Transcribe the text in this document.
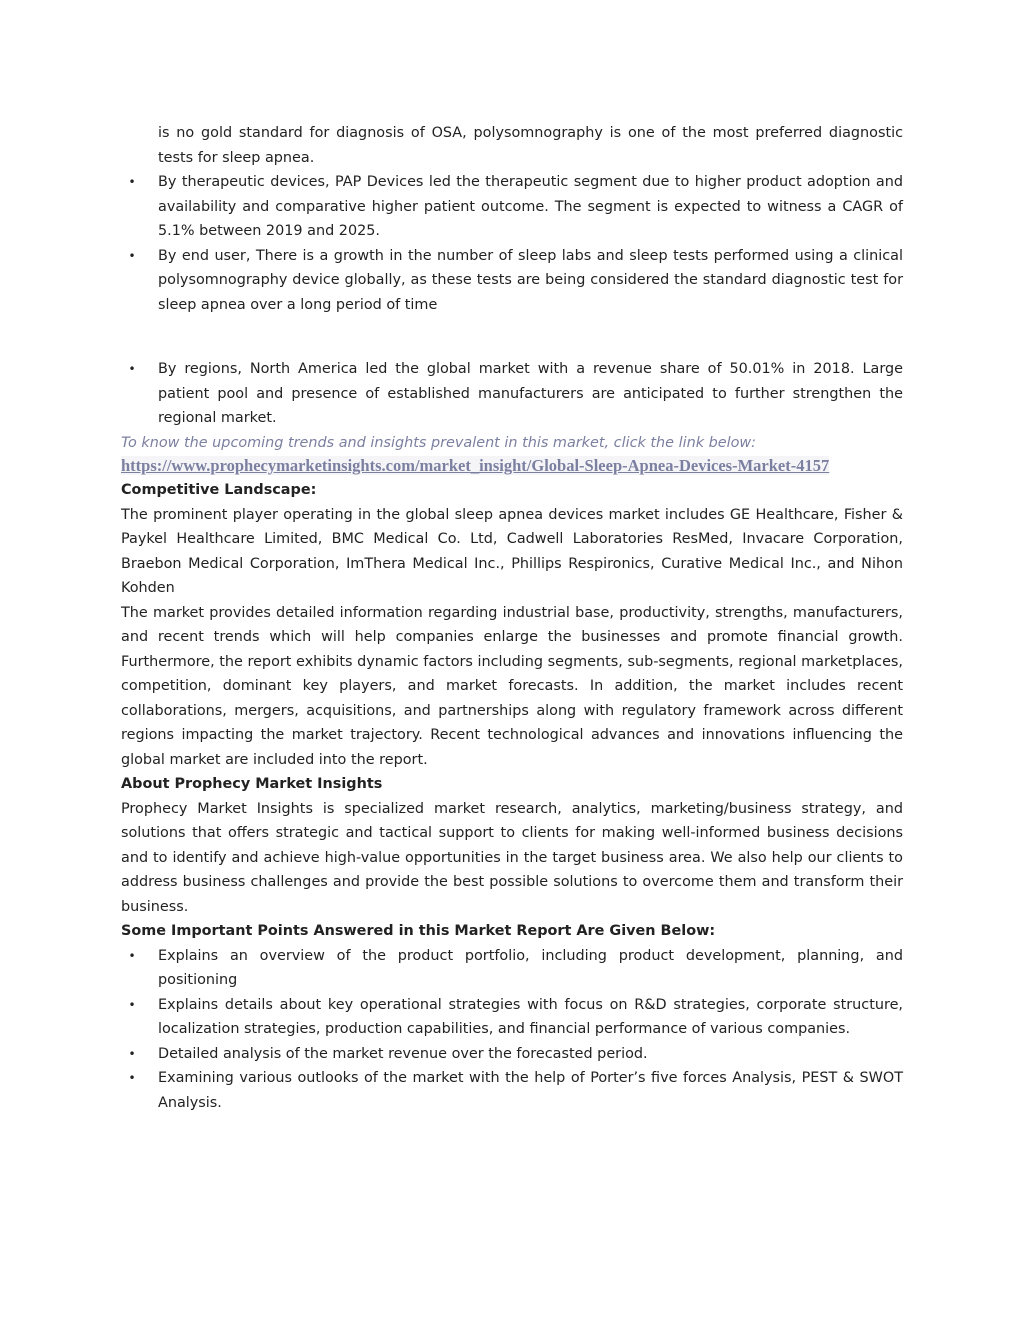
is no gold standard for diagnosis of OSA, polysomnography is one of the most preferred diagnostic tests for sleep apnea.
• By therapeutic devices, PAP Devices led the therapeutic segment due to higher product adoption and availability and comparative higher patient outcome. The segment is expected to witness a CAGR of 5.1% between 2019 and 2025.
• By end user, There is a growth in the number of sleep labs and sleep tests performed using a clinical polysomnography device globally, as these tests are being considered the standard diagnostic test for sleep apnea over a long period of time
• By regions, North America led the global market with a revenue share of 50.01% in 2018. Large patient pool and presence of established manufacturers are anticipated to further strengthen the regional market.
To know the upcoming trends and insights prevalent in this market, click the link below:
https://www.prophecymarketinsights.com/market_insight/Global-Sleep-Apnea-Devices-Market-4157
Competitive Landscape:
The prominent player operating in the global sleep apnea devices market includes GE Healthcare, Fisher & Paykel Healthcare Limited, BMC Medical Co. Ltd, Cadwell Laboratories ResMed, Invacare Corporation, Braebon Medical Corporation, ImThera Medical Inc., Phillips Respironics, Curative Medical Inc., and Nihon Kohden
The market provides detailed information regarding industrial base, productivity, strengths, manufacturers, and recent trends which will help companies enlarge the businesses and promote financial growth. Furthermore, the report exhibits dynamic factors including segments, sub-segments, regional marketplaces, competition, dominant key players, and market forecasts. In addition, the market includes recent collaborations, mergers, acquisitions, and partnerships along with regulatory framework across different regions impacting the market trajectory. Recent technological advances and innovations influencing the global market are included into the report.
About Prophecy Market Insights
Prophecy Market Insights is specialized market research, analytics, marketing/business strategy, and solutions that offers strategic and tactical support to clients for making well-informed business decisions and to identify and achieve high-value opportunities in the target business area. We also help our clients to address business challenges and provide the best possible solutions to overcome them and transform their business.
Some Important Points Answered in this Market Report Are Given Below:
• Explains an overview of the product portfolio, including product development, planning, and positioning
• Explains details about key operational strategies with focus on R&D strategies, corporate structure, localization strategies, production capabilities, and financial performance of various companies.
• Detailed analysis of the market revenue over the forecasted period.
• Examining various outlooks of the market with the help of Porter’s five forces Analysis, PEST & SWOT Analysis.
